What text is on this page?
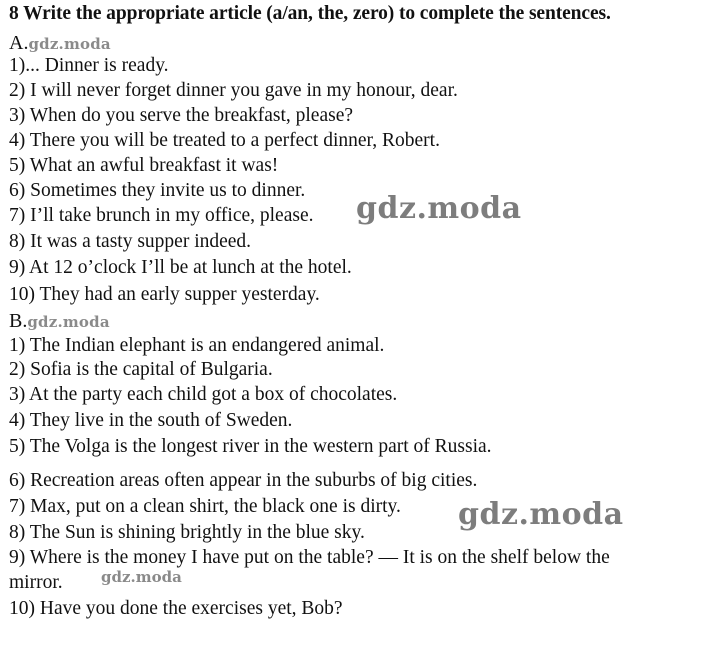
8 Write the appropriate article (a/an, the, zero) to complete the sentences.
A.gdz.moda
1)... Dinner is ready.
2) I will never forget dinner you gave in my honour, dear.
3) When do you serve the breakfast, please?
4) There you will be treated to a perfect dinner, Robert.
5) What an awful breakfast it was!
6) Sometimes they invite us to dinner.
7) I’ll take brunch in my office, please. gdz.moda
8) It was a tasty supper indeed.
9) At 12 o’clock I’ll be at lunch at the hotel.
10) They had an early supper yesterday.
B.gdz.moda
1) The Indian elephant is an endangered animal.
2) Sofia is the capital of Bulgaria.
3) At the party each child got a box of chocolates.
4) They live in the south of Sweden.
5) The Volga is the longest river in the western part of Russia.
6) Recreation areas often appear in the suburbs of big cities.
7) Max, put on a clean shirt, the black one is dirty. gdz.moda
8) The Sun is shining brightly in the blue sky.
9) Where is the money I have put on the table? — It is on the shelf below the
mirror.	gdz.moda
10) Have you done the exercises yet, Bob?
